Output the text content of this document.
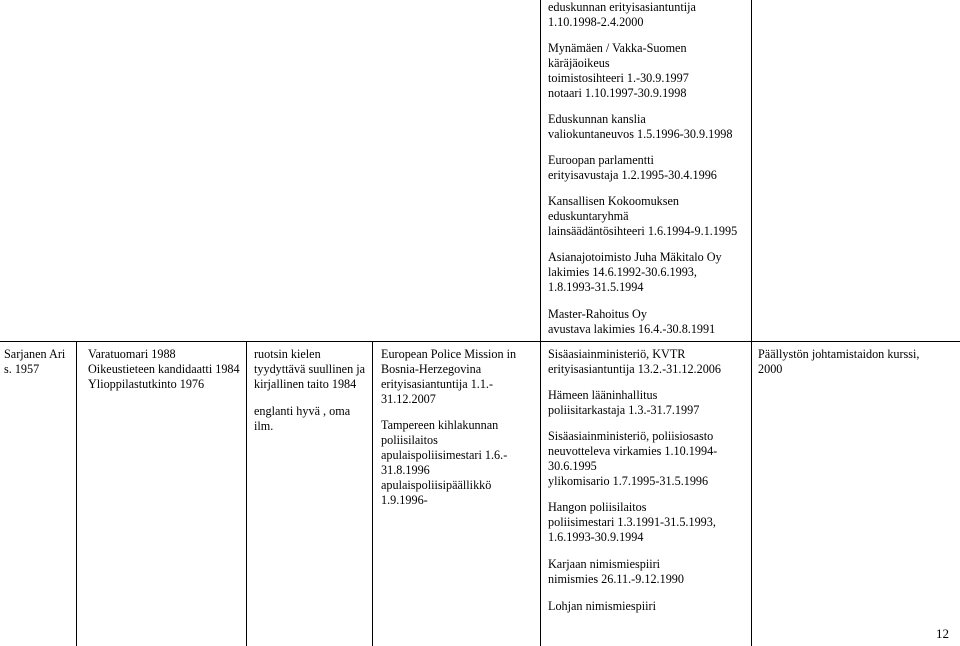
eduskunnan erityisasiantuntija
1.10.1998-2.4.2000

Mynämäen / Vakka-Suomen
käräjäoikeus
toimistosihteeri 1.-30.9.1997
notaari 1.10.1997-30.9.1998

Eduskunnan kanslia
valiokuntaneuvos 1.5.1996-30.9.1998

Euroopan parlamentti
erityisavustaja 1.2.1995-30.4.1996

Kansallisen Kokoomuksen
eduskuntaryhmä
lainsäädäntösihteeri 1.6.1994-9.1.1995

Asianajotoimisto Juha Mäkitalo Oy
lakimies 14.6.1992-30.6.1993,
1.8.1993-31.5.1994

Master-Rahoitus Oy
avustava lakimies 16.4.-30.8.1991

Sarjanen Ari
s. 1957
Varatuomari 1988
Oikeustieteen kandidaatti 1984
Ylioppilastutkinto 1976

ruotsin kielen
tyydyttävä suullinen ja
kirjallinen taito 1984

englanti hyvä , oma
ilm.

European Police Mission in
Bosnia-Herzegovina
erityisasiantuntija 1.1.-
31.12.2007

Tampereen kihlakunnan
poliisilaitos
apulaispoliisimestari 1.6.-
31.8.1996
apulaispoliisipäällikkö
1.9.1996-

Sisäasiainministeriö, KVTR
erityisasiantuntija 13.2.-31.12.2006

Hämeen lääninhallitus
poliisitarkastaja 1.3.-31.7.1997

Sisäasiainministeriö, poliisiosasto
neuvotteleva virkamies 1.10.1994-
30.6.1995
ylikomisario 1.7.1995-31.5.1996

Hangon poliisilaitos
poliisimestari 1.3.1991-31.5.1993,
1.6.1993-30.9.1994

Karjaan nimismiespiiri
nimismies 26.11.-9.12.1990

Lohjan nimismiespiiri

Päällystön johtamistaidon kurssi,
2000
12
